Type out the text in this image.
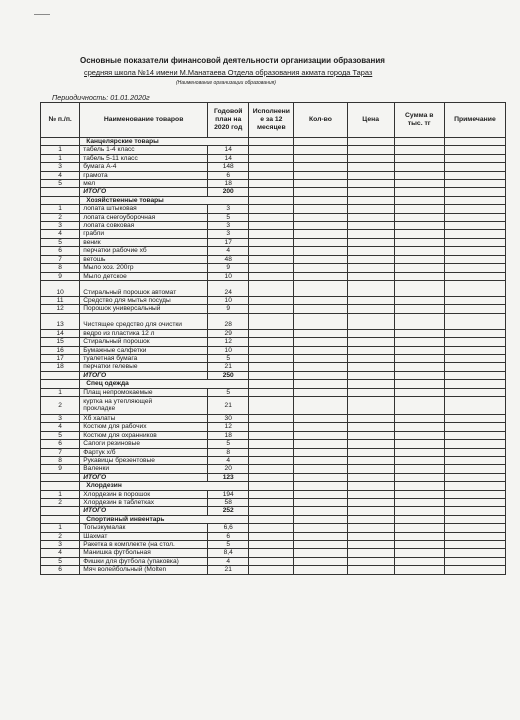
Основные показатели финансовой деятельности организации образования
средняя школа №14 имени М.Манатаева Отдела образования акмата города Тараз
(Наименование организации образования)
Периодичность: 01.01.2020г
№ п./п.	Наименование товаров	Годовой план на 2020 год	Исполнени е за 12 месяцев	Кол-во	Цена	Сумма в тыс. тг	Примечание
	Канцелярские товары						
1	табель 1-4 класс	14					
1	табель 5-11 класс	14					
3	бумага А-4	148					
4	грамота	6					
5	мел	18					
	ИТОГО	200					
	Хозяйственные товары						
1	лопата штыковая	3					
2	лопата снегоуборочная	5					
3	лопата совковая	3					
4	грабли	3					
5	веник	17					
6	перчатки рабочие хб	4					
7	ветошь	48					
8	Мыло хоз. 200гр	9					
9	Мыло детское	10					
10	Стиральный порошок автомат	24					
11	Средство для мытья посуды	10					
12	Порошок универсальный	9					
13	Чистящее средство для очистки	28					
14	ведро из пластика 12 л	29					
15	Стиральный порошок	12					
16	Бумажные салфетки	10					
17	туалетная бумага	5					
18	перчатки гелевые	21					
	ИТОГО	250					
	Спец одежда						
1	Плащ непромокаемые	5					
2	куртка на утепляющей
прокладке	21					
3	Хб халаты	30					
4	Костюм для рабочих	12					
5	Костюм для охранников	18					
6	Сапоги резиновые	5					
7	Фартук х/б	8					
8	Рукавицы брезентовые	4					
9	Валенки	20					
	ИТОГО	123					
	Хлордезин						
1	Хлордезин в порошок	194					
2	Хлордезин в таблетках	58					
	ИТОГО	252					
	Спортивный инвентарь						
1	Тогызкумалак	6,6					
2	Шахмат	6					
3	Ракетка в комплекте (на стол.	5					
4	Манишка футбольная	8,4					
5	Фишки для футбола (упаковка)	4					
6	Мяч волейбольный (Molten	21					
